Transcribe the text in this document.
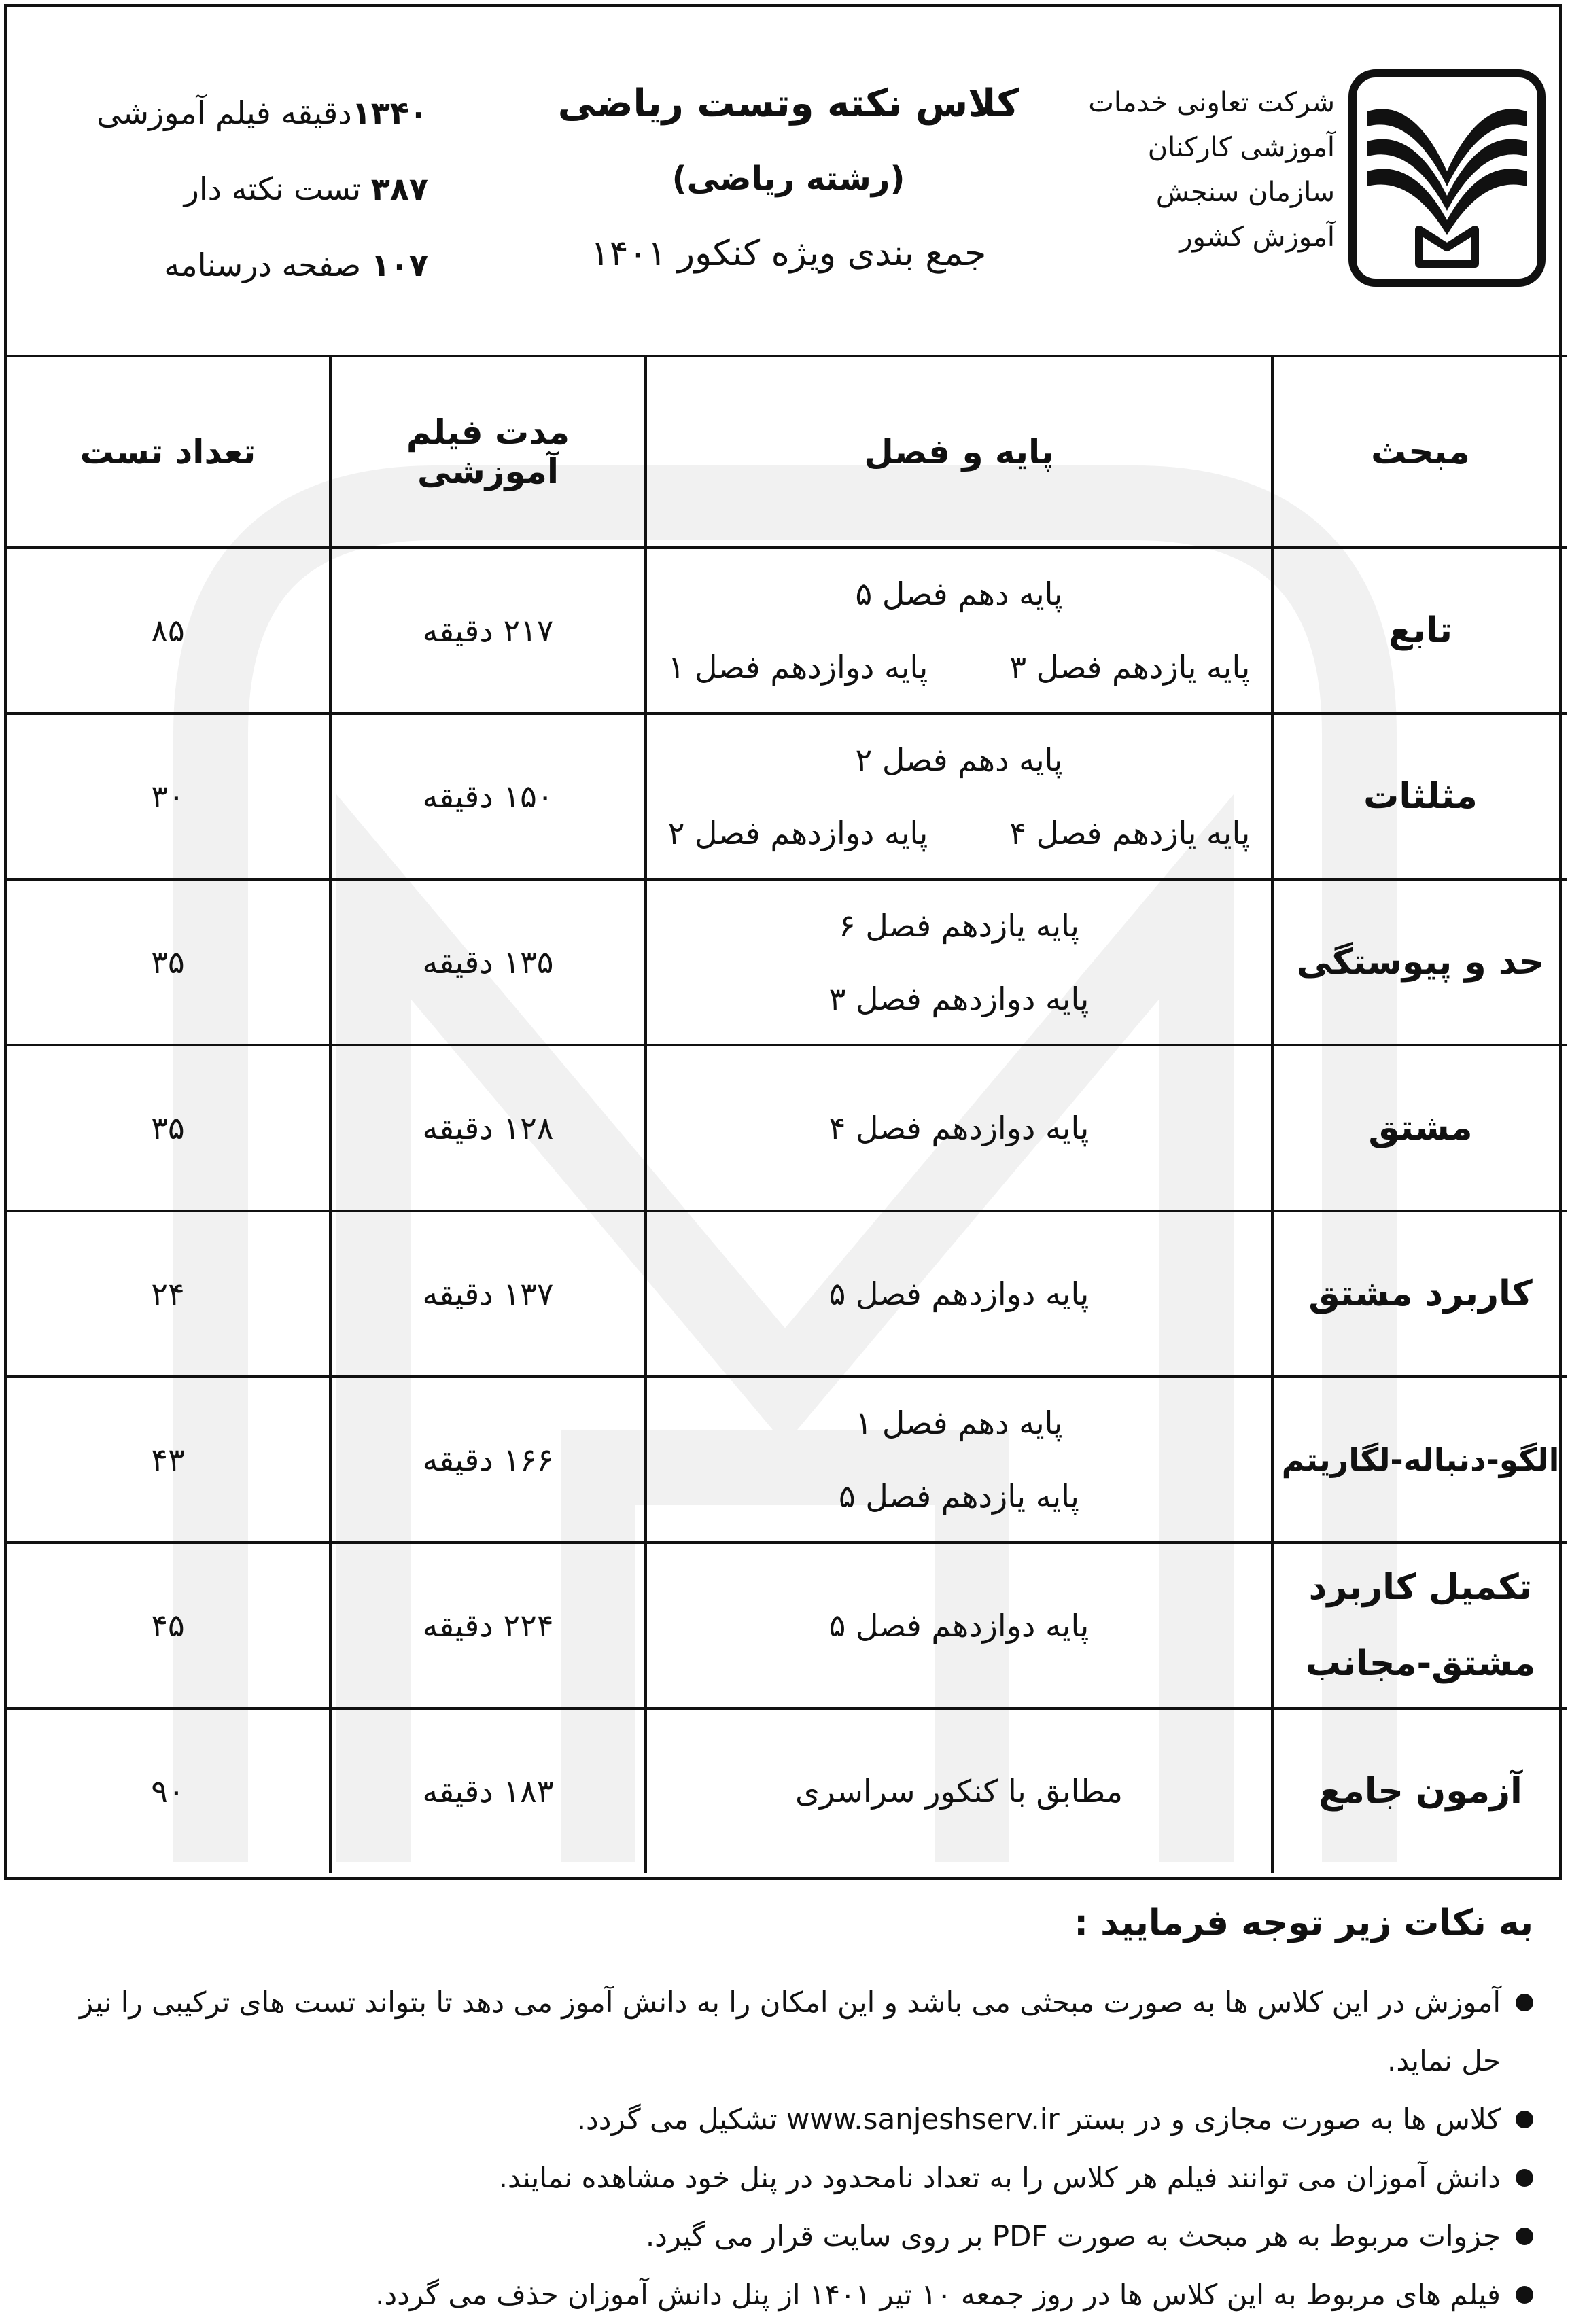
شرکت تعاونی خدمات
آموزشی کارکنان
سازمان سنجش
آموزش کشور
کلاس نکته وتست ریاضی
(رشته ریاضی)
جمع بندی ویژه کنکور ۱۴۰۱
۱۳۴۰دقیقه فیلم آموزشی
۳۸۷ تست نکته دار
۱۰۷ صفحه درسنامه
مبحث	پایه و فصل	مدت فیلم آموزشی	تعداد تست
تابع	پایه دهم فصل ۵
پایه یازدهم فصل ۳
پایه دوازدهم فصل ۱	۲۱۷ دقیقه	۸۵
مثلثات	پایه دهم فصل ۲
پایه یازدهم فصل ۴
پایه دوازدهم فصل ۲	۱۵۰ دقیقه	۳۰
حد و پیوستگی	پایه یازدهم فصل ۶
پایه دوازدهم فصل ۳	۱۳۵ دقیقه	۳۵
مشتق	پایه دوازدهم فصل ۴	۱۲۸ دقیقه	۳۵
کاربرد مشتق	پایه دوازدهم فصل ۵	۱۳۷ دقیقه	۲۴
الگو-دنباله-لگاریتم	پایه دهم فصل ۱
پایه یازدهم فصل ۵	۱۶۶ دقیقه	۴۳

تکمیل کاربرد
مشتق-مجانب	پایه دوازدهم فصل ۵	۲۲۴ دقیقه	۴۵
آزمون جامع	مطابق با کنکور سراسری	۱۸۳ دقیقه	۹۰
به نکات زیر توجه فرمایید :
آموزش در این کلاس ها به صورت مبحثی می باشد و این امکان را به دانش آموز می دهد تا بتواند تست های ترکیبی را نیز حل نماید.
کلاس ها به صورت مجازی و در بستر www.sanjeshserv.ir تشکیل می گردد.
دانش آموزان می توانند فیلم هر کلاس را به تعداد نامحدود در پنل خود مشاهده نمایند.
جزوات مربوط به هر مبحث به صورت PDF بر روی سایت قرار می گیرد.
فیلم های مربوط به این کلاس ها در روز جمعه ۱۰ تیر ۱۴۰۱ از پنل دانش آموزان حذف می گردد.
